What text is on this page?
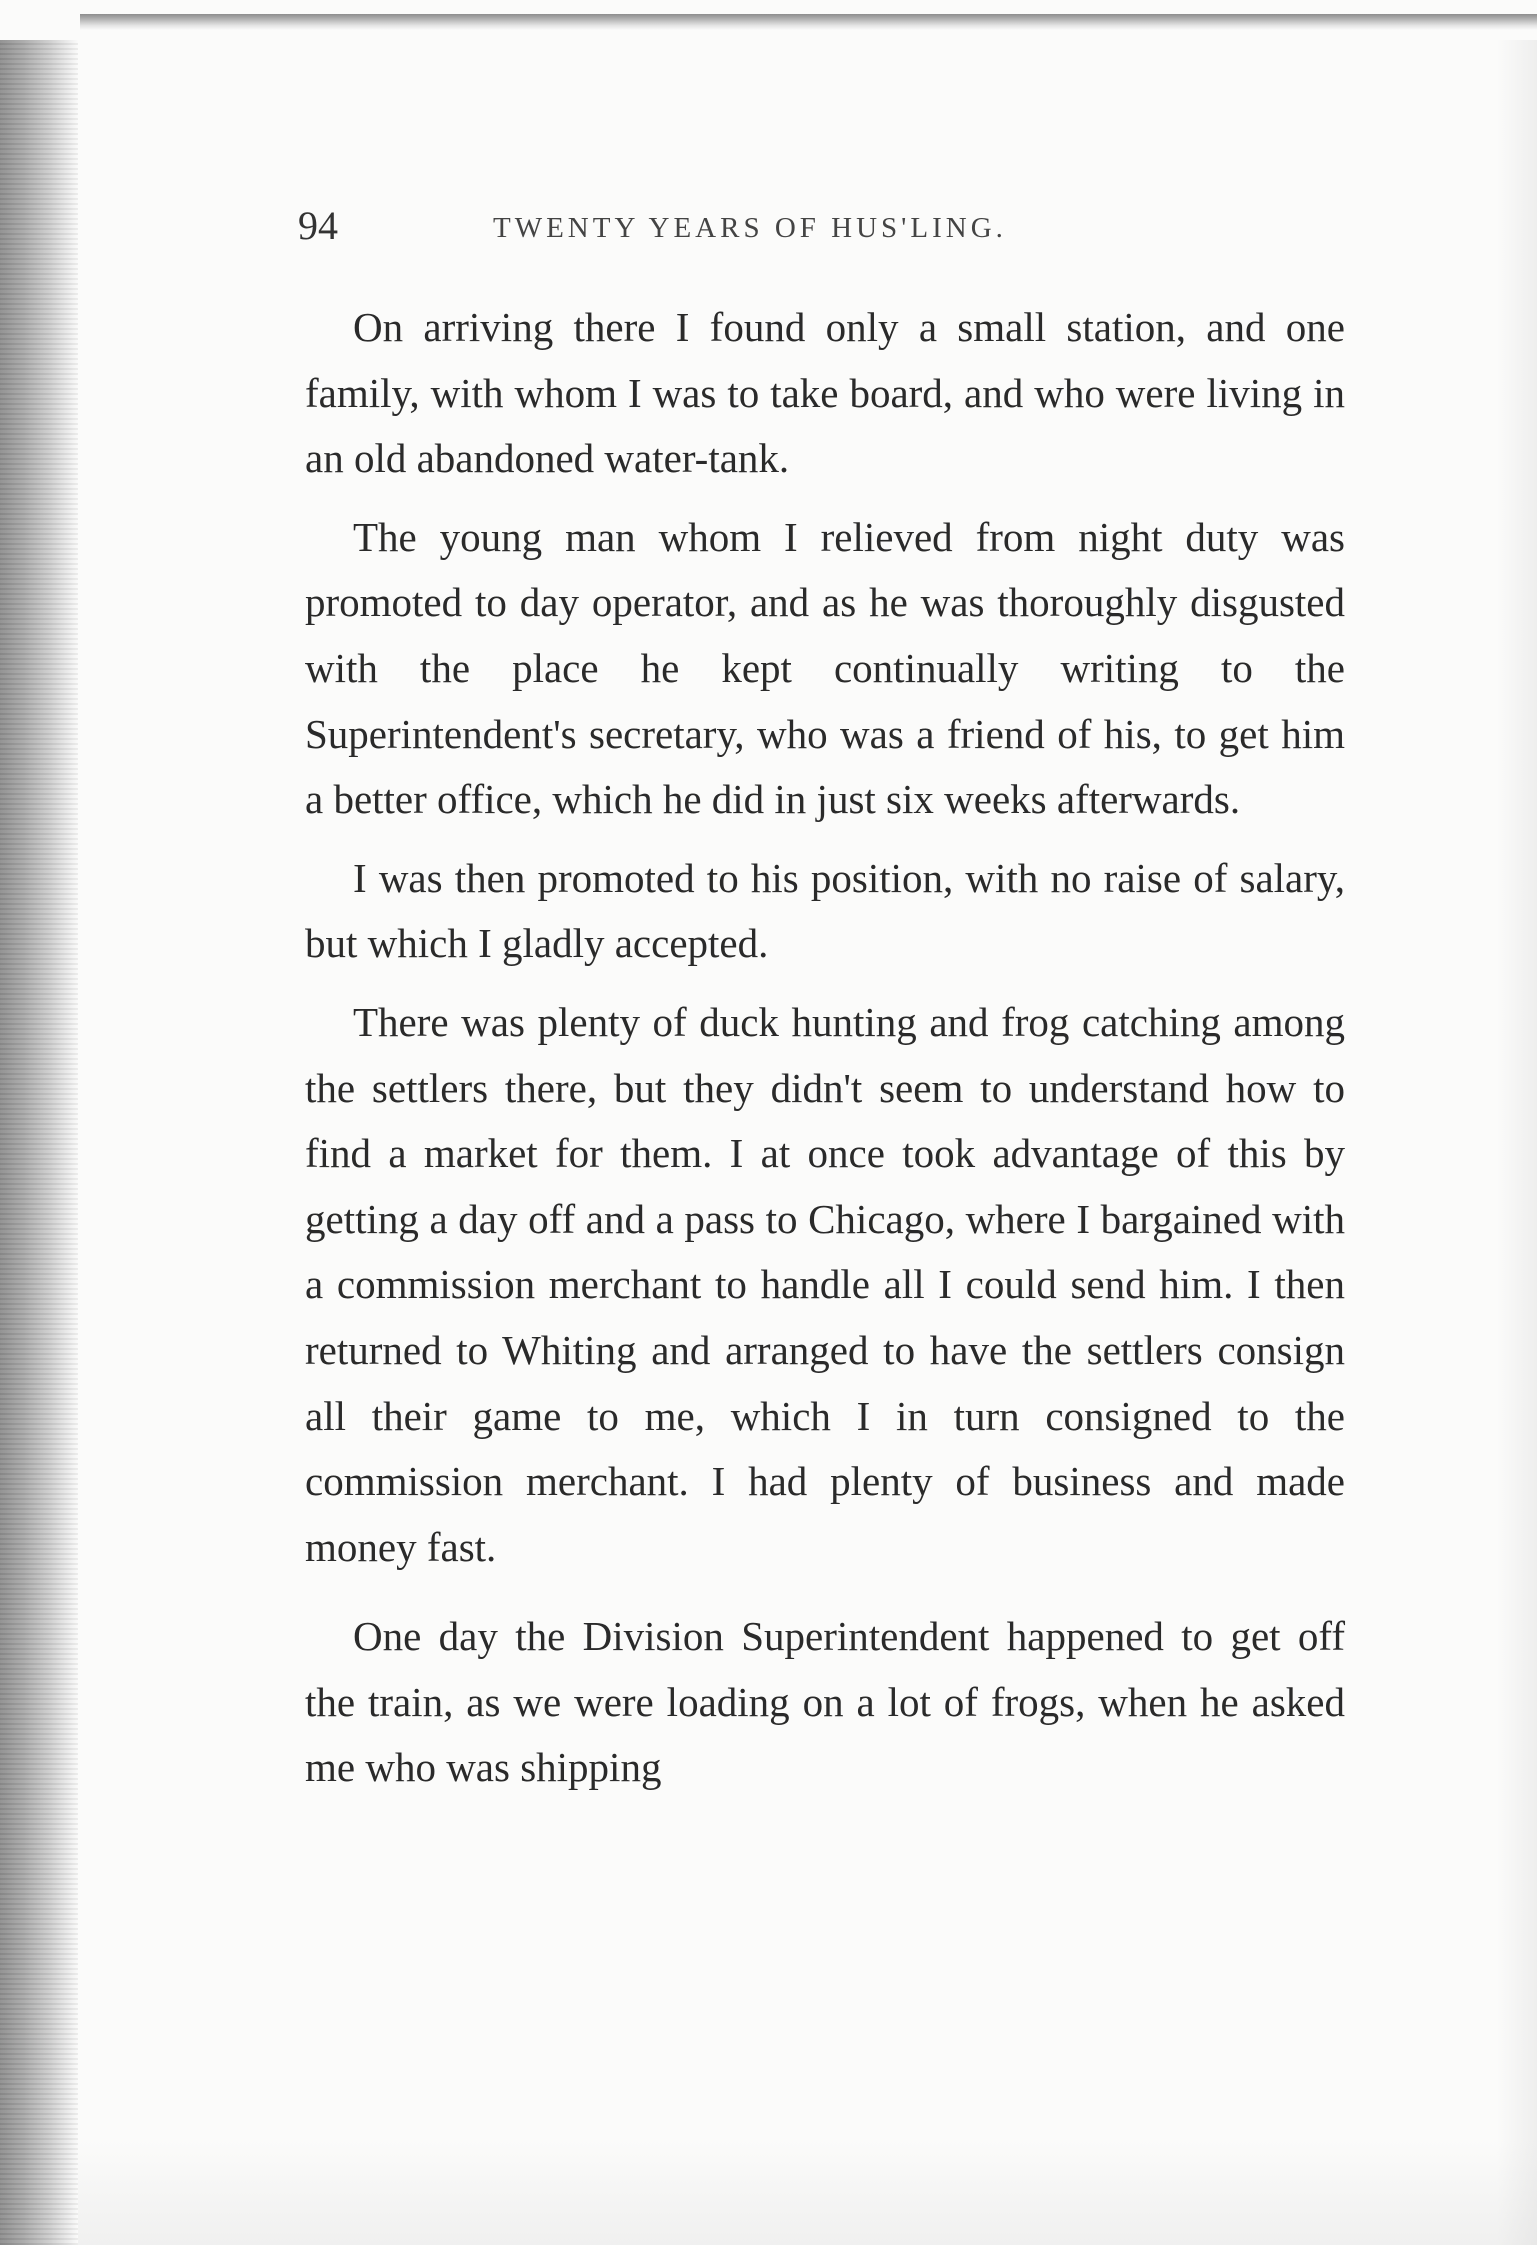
94	TWENTY YEARS OF HUS'LING.

On arriving there I found only a small station, and one family, with whom I was to take board, and who were living in an old abandoned water-tank.

The young man whom I relieved from night duty was promoted to day operator, and as he was thoroughly disgusted with the place he kept continually writing to the Superintendent's secretary, who was a friend of his, to get him a better office, which he did in just six weeks afterwards.

I was then promoted to his position, with no raise of salary, but which I gladly accepted.

There was plenty of duck hunting and frog catching among the settlers there, but they didn't seem to understand how to find a market for them. I at once took advantage of this by getting a day off and a pass to Chicago, where I bargained with a commission merchant to handle all I could send him. I then returned to Whiting and arranged to have the settlers consign all their game to me, which I in turn consigned to the commission merchant. I had plenty of business and made money fast.

One day the Division Superintendent happened to get off the train, as we were loading on a lot of frogs, when he asked me who was shipping
